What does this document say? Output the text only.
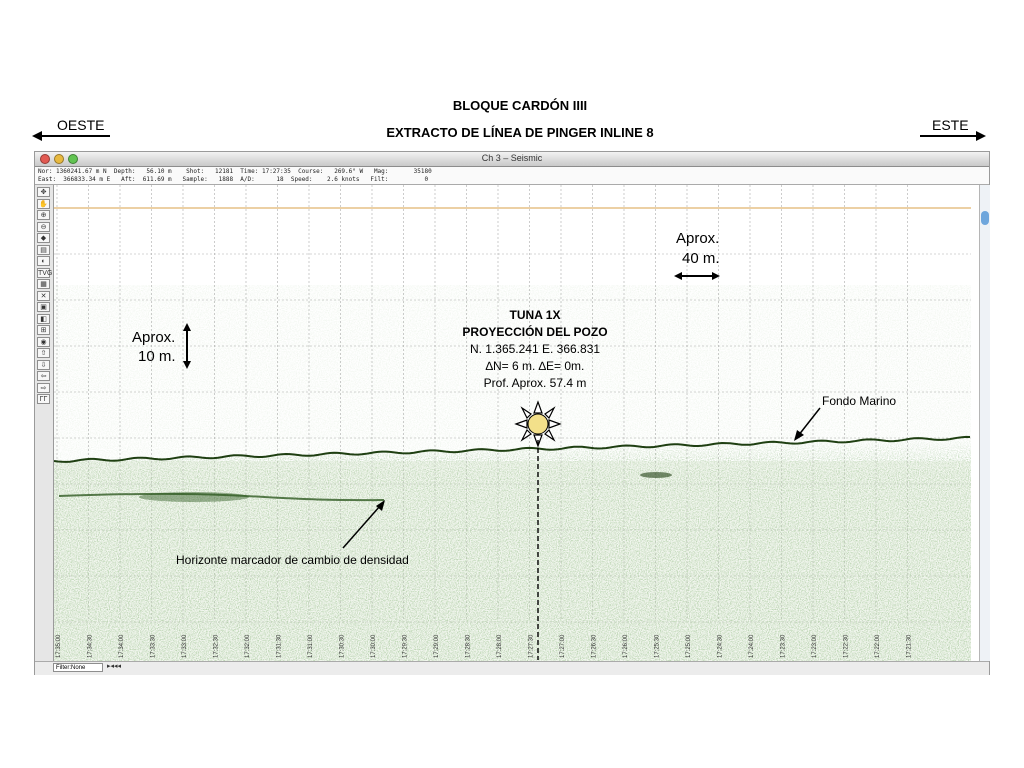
BLOQUE CARDÓN IIII
EXTRACTO DE LÍNEA DE PINGER INLINE 8
OESTE	ESTE
Ch 3 – Seismic
Nor: 1360241.67 m N  Depth:   56.10 m    Shot:   12181  Time: 17:27:35  Course:   269.6° W   Mag:       35180
East:  366833.34 m E   Aft:  611.69 m   Sample:   1888  A/D:      18  Speed:    2.6 knots   Filt:          0
✥
✋
⊕
⊖
◆
▤
◐
TVG
▦
✕
▣
◧
⊞
◉
⇧
⇩
⇦
⇨
ΓΓ
17:35:00	17:34:30	17:34:00	17:33:30	17:33:00	17:32:30	17:32:00	17:31:30	17:31:00	17:30:30	17:30:00	17:29:30	17:29:00	17:28:30	17:28:00	17:27:30	17:27:00	17:26:30	17:26:00	17:25:30	17:25:00	17:24:30	17:24:00	17:23:30	17:23:00	17:22:30	17:22:00	17:21:30
Filter:None	▸◂◂◂
Aprox.
40 m.
Aprox.
10 m.
TUNA 1X
PROYECCIÓN DEL POZO
N. 1.365.241 E. 366.831
∆N= 6 m. ∆E= 0m.
Prof. Aprox. 57.4 m
Fondo Marino
Horizonte marcador de cambio de densidad
